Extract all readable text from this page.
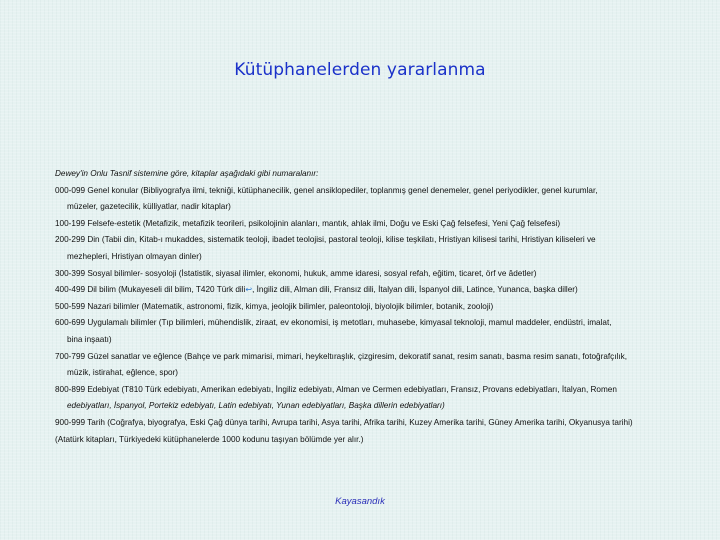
Kütüphanelerden yararlanma
Dewey'in Onlu Tasnif sistemine göre, kitaplar aşağıdaki gibi numaralanır:
000-099 Genel konular (Bibliyografya ilmi, tekniği, kütüphanecilik, genel ansiklopediler, toplanmış genel denemeler, genel periyodikler, genel kurumlar,
müzeler, gazetecilik, külliyatlar, nadir kitaplar)
100-199 Felsefe-estetik (Metafizik, metafizik teorileri, psikolojinin alanları, mantık, ahlak ilmi, Doğu ve Eski Çağ felsefesi, Yeni Çağ felsefesi)
200-299 Din (Tabii din, Kitab-ı mukaddes, sistematik teoloji, ibadet teolojisi, pastoral teoloji, kilise teşkilatı, Hristiyan kilisesi tarihi, Hristiyan kiliseleri ve
mezhepleri, Hristiyan olmayan dinler)
300-399 Sosyal bilimler- sosyoloji (İstatistik, siyasal ilimler, ekonomi, hukuk, amme idaresi, sosyal refah, eğitim, ticaret, örf ve âdetler)
400-499 Dil bilim (Mukayeseli dil bilim, T420 Türk dili↩, İngiliz dili, Alman dili, Fransız dili, İtalyan dili, İspanyol dili, Latince, Yunanca, başka diller)
500-599 Nazari bilimler (Matematik, astronomi, fizik, kimya, jeolojik bilimler, paleontoloji, biyolojik bilimler, botanik, zooloji)
600-699 Uygulamalı bilimler (Tıp bilimleri, mühendislik, ziraat, ev ekonomisi, iş metotları, muhasebe, kimyasal teknoloji, mamul maddeler, endüstri, imalat,
bina inşaatı)
700-799 Güzel sanatlar ve eğlence (Bahçe ve park mimarisi, mimari, heykeltıraşlık, çizgiresim, dekoratif sanat, resim sanatı, basma resim sanatı, fotoğrafçılık,
müzik, istirahat, eğlence, spor)
800-899 Edebiyat (T810 Türk edebiyatı, Amerikan edebiyatı, İngiliz edebiyatı, Alman ve Cermen edebiyatları, Fransız, Provans edebiyatları, İtalyan, Romen
edebiyatları, İspanyol, Portekiz edebiyatı, Latin edebiyatı, Yunan edebiyatları, Başka dillerin edebiyatları)
900-999 Tarih (Coğrafya, biyografya, Eski Çağ dünya tarihi, Avrupa tarihi, Asya tarihi, Afrika tarihi, Kuzey Amerika tarihi, Güney Amerika tarihi, Okyanusya tarihi)
(Atatürk kitapları, Türkiyedeki kütüphanelerde 1000 kodunu taşıyan bölümde yer alır.)
Kayasandık
